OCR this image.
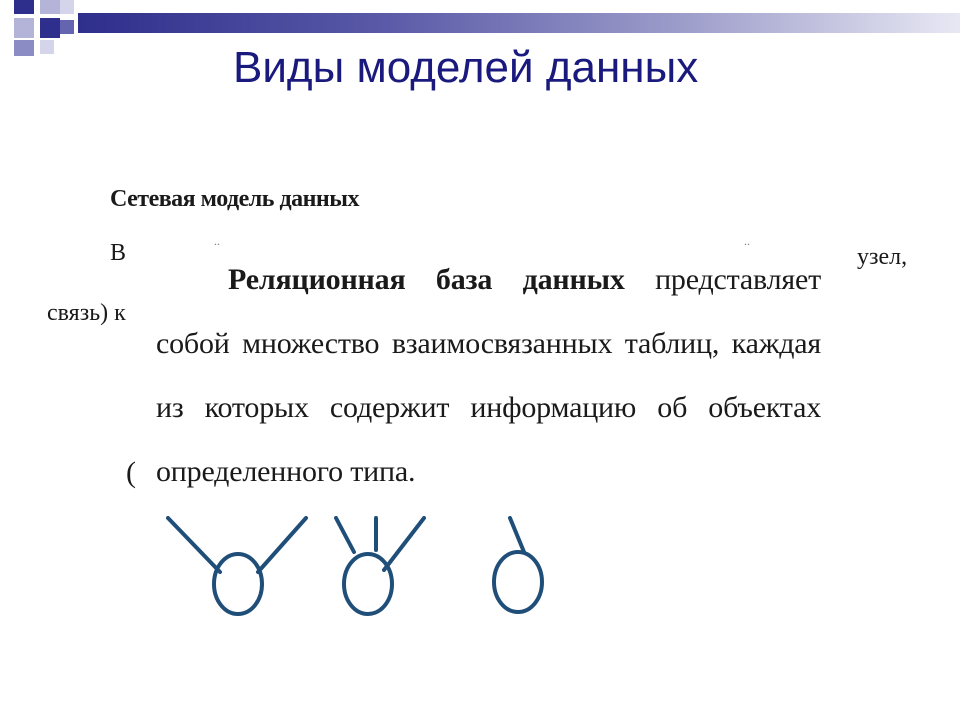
Виды моделей данных
Сетевая модель данных
В	узел,
связь) к
(
..	..
Реляционная база данных представляет собой множество взаимосвязанных таблиц, каждая из которых содержит информацию об объектах определенного типа.
